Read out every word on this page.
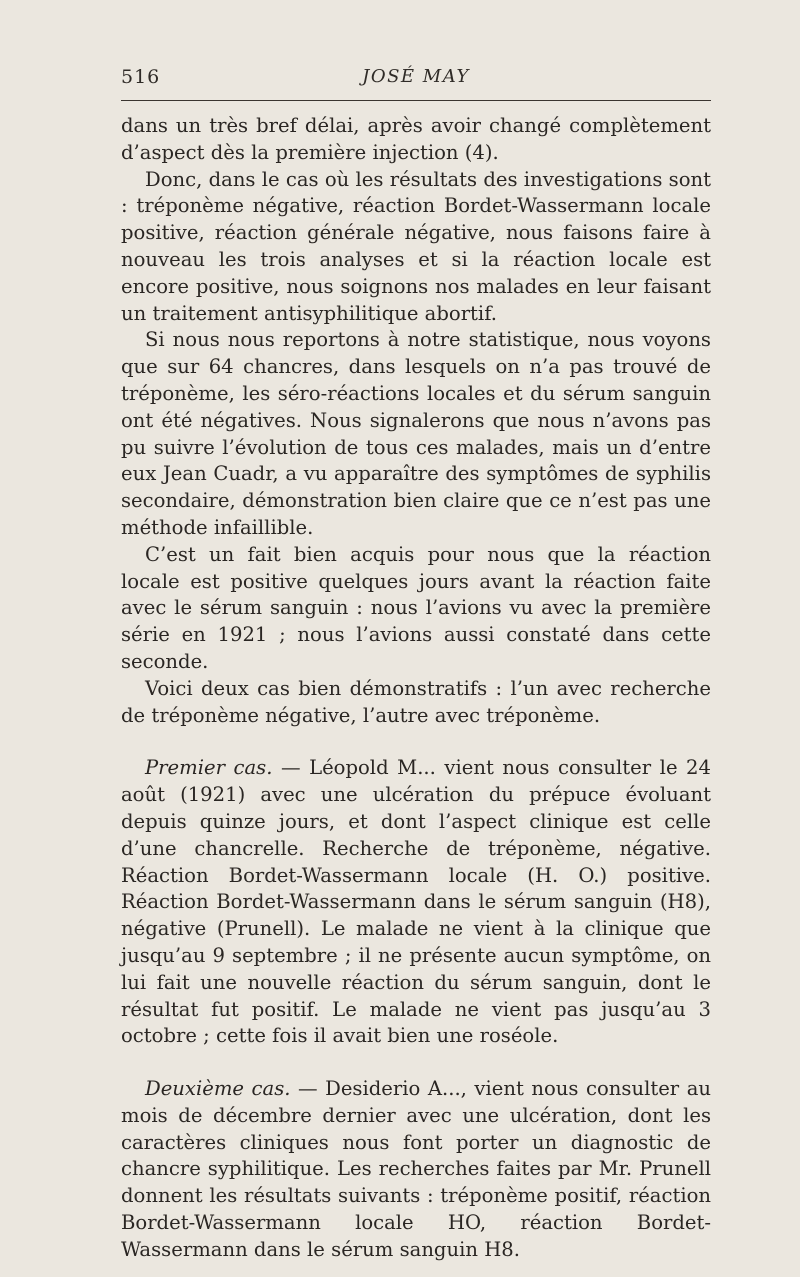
516	JOSÉ MAY

dans un très bref délai, après avoir changé complètement d’aspect dès la première injection (4).

Donc, dans le cas où les résultats des investigations sont : tréponème négative, réaction Bordet-Wassermann locale positive, réaction générale négative, nous faisons faire à nouveau les trois analyses et si la réaction locale est encore positive, nous soignons nos malades en leur faisant un traitement antisyphilitique abortif.

Si nous nous reportons à notre statistique, nous voyons que sur 64 chancres, dans lesquels on n’a pas trouvé de tréponème, les séro-réactions locales et du sérum sanguin ont été négatives. Nous signalerons que nous n’avons pas pu suivre l’évolution de tous ces malades, mais un d’entre eux Jean Cuadr, a vu apparaître des symptômes de syphilis secondaire, démonstration bien claire que ce n’est pas une méthode infaillible.

C’est un fait bien acquis pour nous que la réaction locale est positive quelques jours avant la réaction faite avec le sérum sanguin : nous l’avions vu avec la première série en 1921 ; nous l’avions aussi constaté dans cette seconde.

Voici deux cas bien démonstratifs : l’un avec recherche de tréponème négative, l’autre avec tréponème.

Premier cas. — Léopold M... vient nous consulter le 24 août (1921) avec une ulcération du prépuce évoluant depuis quinze jours, et dont l’aspect clinique est celle d’une chancrelle. Recherche de tréponème, négative. Réaction Bordet-Wassermann locale (H. O.) positive. Réaction Bordet-Wassermann dans le sérum sanguin (H8), négative (Prunell). Le malade ne vient à la clinique que jusqu’au 9 septembre ; il ne présente aucun symptôme, on lui fait une nouvelle réaction du sérum sanguin, dont le résultat fut positif. Le malade ne vient pas jusqu’au 3 octobre ; cette fois il avait bien une roséole.

Deuxième cas. — Desiderio A..., vient nous consulter au mois de décembre dernier avec une ulcération, dont les caractères cliniques nous font porter un diagnostic de chancre syphilitique. Les recherches faites par Mr. Prunell donnent les résultats suivants : tréponème positif, réaction Bordet-Wassermann locale HO, réaction Bordet-Wassermann dans le sérum sanguin H8.
